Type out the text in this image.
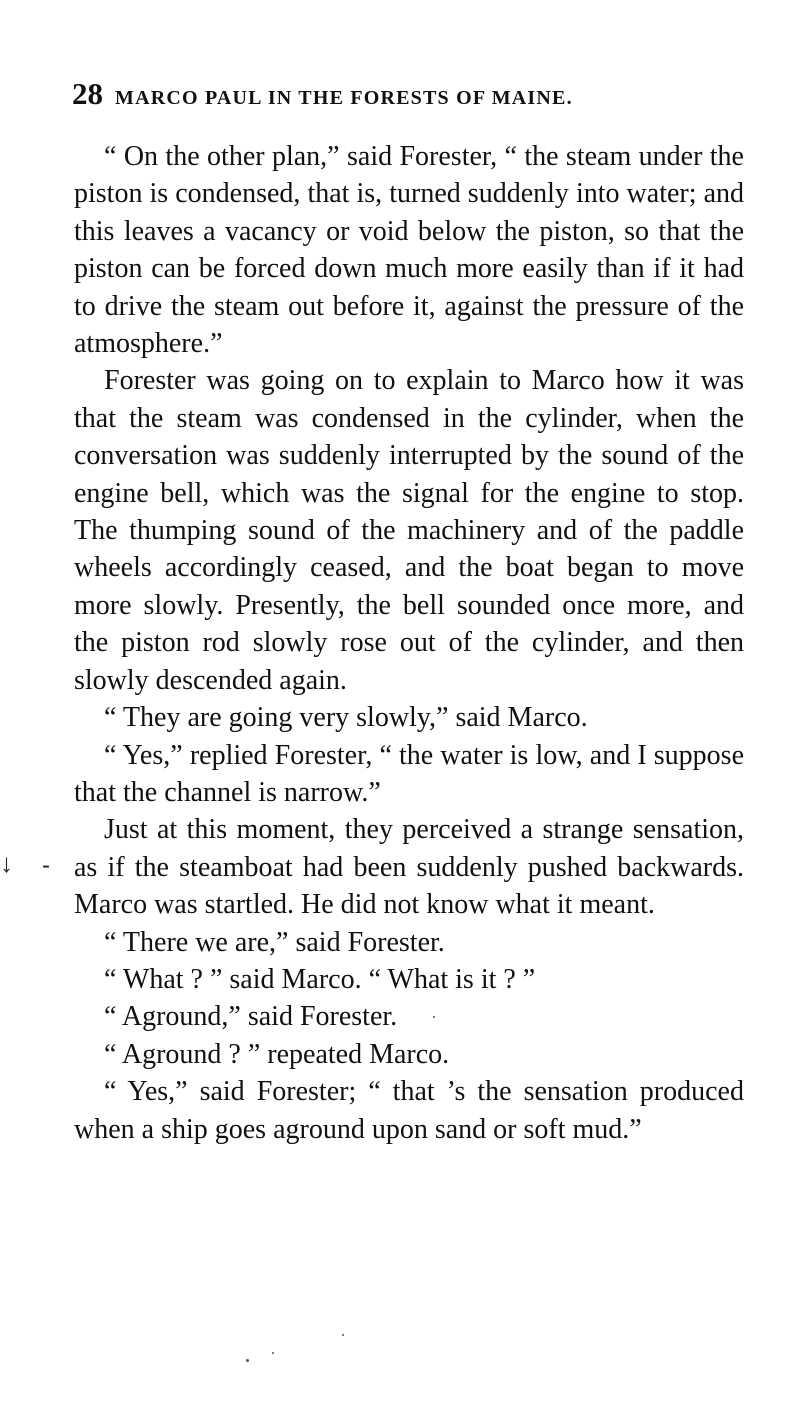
28 MARCO PAUL IN THE FORESTS OF MAINE.

“ On the other plan,” said Forester, “ the steam under the piston is condensed, that is, turned suddenly into water; and this leaves a vacancy or void below the piston, so that the piston can be forced down much more easily than if it had to drive the steam out before it, against the pressure of the atmosphere.”

Forester was going on to explain to Marco how it was that the steam was condensed in the cylinder, when the conversation was suddenly interrupted by the sound of the engine bell, which was the signal for the engine to stop. The thumping sound of the machinery and of the paddle wheels accordingly ceased, and the boat began to move more slowly. Presently, the bell sounded once more, and the piston rod slowly rose out of the cylinder, and then slowly descended again.

“ They are going very slowly,” said Marco.

“ Yes,” replied Forester, “ the water is low, and I suppose that the channel is narrow.”

Just at this moment, they perceived a strange sensation, as if the steamboat had been suddenly pushed backwards. Marco was startled. He did not know what it meant.

“ There we are,” said Forester.

“ What ? ” said Marco. “ What is it ? ”

“ Aground,” said Forester.

“ Aground ? ” repeated Marco.

“ Yes,” said Forester; “ that ’s the sensation produced when a ship goes aground upon sand or soft mud.”

↓ -
